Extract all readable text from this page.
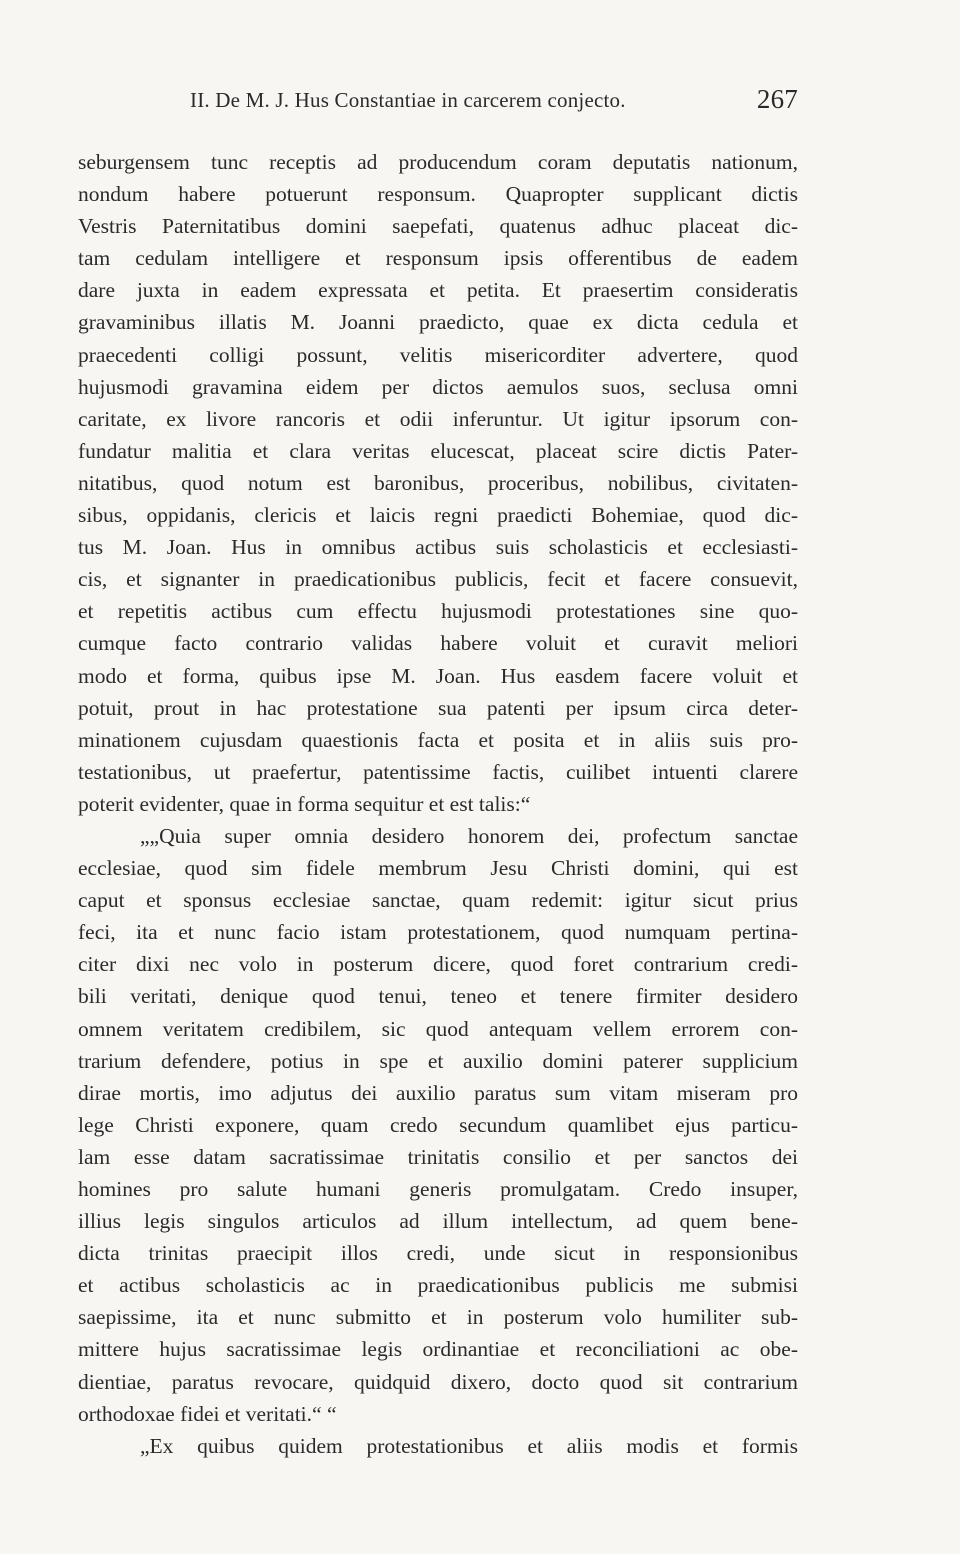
II. De M. J. Hus Constantiae in carcerem conjecto.	267
seburgensem tunc receptis ad producendum coram deputatis nationum,
nondum habere potuerunt responsum. Quapropter supplicant dictis
Vestris Paternitatibus domini saepefati, quatenus adhuc placeat dic-
tam cedulam intelligere et responsum ipsis offerentibus de eadem
dare juxta in eadem expressata et petita. Et praesertim consideratis
gravaminibus illatis M. Joanni praedicto, quae ex dicta cedula et
praecedenti colligi possunt, velitis misericorditer advertere, quod
hujusmodi gravamina eidem per dictos aemulos suos, seclusa omni
caritate, ex livore rancoris et odii inferuntur. Ut igitur ipsorum con-
fundatur malitia et clara veritas elucescat, placeat scire dictis Pater-
nitatibus, quod notum est baronibus, proceribus, nobilibus, civitaten-
sibus, oppidanis, clericis et laicis regni praedicti Bohemiae, quod dic-
tus M. Joan. Hus in omnibus actibus suis scholasticis et ecclesiasti-
cis, et signanter in praedicationibus publicis, fecit et facere consuevit,
et repetitis actibus cum effectu hujusmodi protestationes sine quo-
cumque facto contrario validas habere voluit et curavit meliori
modo et forma, quibus ipse M. Joan. Hus easdem facere voluit et
potuit, prout in hac protestatione sua patenti per ipsum circa deter-
minationem cujusdam quaestionis facta et posita et in aliis suis pro-
testationibus, ut praefertur, patentissime factis, cuilibet intuenti clarere
poterit evidenter, quae in forma sequitur et est talis:“
„„Quia super omnia desidero honorem dei, profectum sanctae
ecclesiae, quod sim fidele membrum Jesu Christi domini, qui est
caput et sponsus ecclesiae sanctae, quam redemit: igitur sicut prius
feci, ita et nunc facio istam protestationem, quod numquam pertina-
citer dixi nec volo in posterum dicere, quod foret contrarium credi-
bili veritati, denique quod tenui, teneo et tenere firmiter desidero
omnem veritatem credibilem, sic quod antequam vellem errorem con-
trarium defendere, potius in spe et auxilio domini paterer supplicium
dirae mortis, imo adjutus dei auxilio paratus sum vitam miseram pro
lege Christi exponere, quam credo secundum quamlibet ejus particu-
lam esse datam sacratissimae trinitatis consilio et per sanctos dei
homines pro salute humani generis promulgatam. Credo insuper,
illius legis singulos articulos ad illum intellectum, ad quem bene-
dicta trinitas praecipit illos credi, unde sicut in responsionibus
et actibus scholasticis ac in praedicationibus publicis me submisi
saepissime, ita et nunc submitto et in posterum volo humiliter sub-
mittere hujus sacratissimae legis ordinantiae et reconciliationi ac obe-
dientiae, paratus revocare, quidquid dixero, docto quod sit contrarium
orthodoxae fidei et veritati.“ “
„Ex quibus quidem protestationibus et aliis modis et formis
